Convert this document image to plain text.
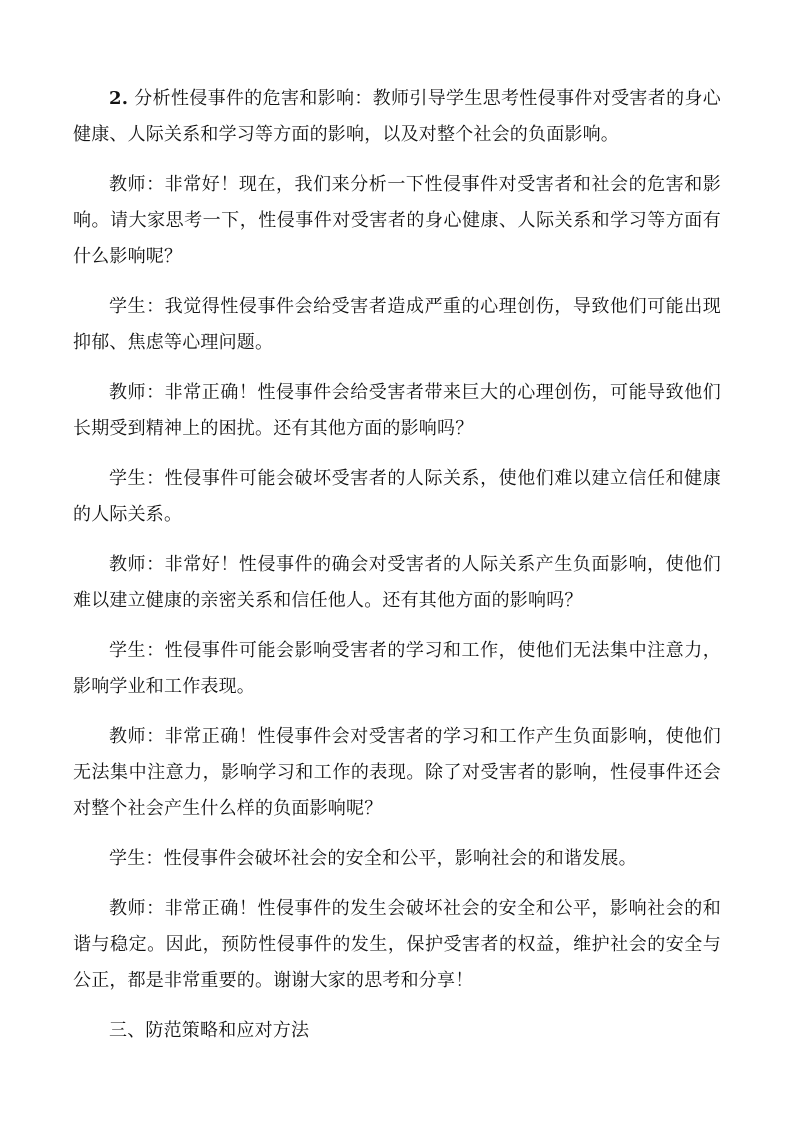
2. 分析性侵事件的危害和影响：教师引导学生思考性侵事件对受害者的身心健康、人际关系和学习等方面的影响，以及对整个社会的负面影响。

教师：非常好！现在，我们来分析一下性侵事件对受害者和社会的危害和影响。请大家思考一下，性侵事件对受害者的身心健康、人际关系和学习等方面有什么影响呢？

学生：我觉得性侵事件会给受害者造成严重的心理创伤，导致他们可能出现抑郁、焦虑等心理问题。

教师：非常正确！性侵事件会给受害者带来巨大的心理创伤，可能导致他们长期受到精神上的困扰。还有其他方面的影响吗？

学生：性侵事件可能会破坏受害者的人际关系，使他们难以建立信任和健康的人际关系。

教师：非常好！性侵事件的确会对受害者的人际关系产生负面影响，使他们难以建立健康的亲密关系和信任他人。还有其他方面的影响吗？

学生：性侵事件可能会影响受害者的学习和工作，使他们无法集中注意力，影响学业和工作表现。

教师：非常正确！性侵事件会对受害者的学习和工作产生负面影响，使他们无法集中注意力，影响学习和工作的表现。除了对受害者的影响，性侵事件还会对整个社会产生什么样的负面影响呢？

学生：性侵事件会破坏社会的安全和公平，影响社会的和谐发展。

教师：非常正确！性侵事件的发生会破坏社会的安全和公平，影响社会的和谐与稳定。因此，预防性侵事件的发生，保护受害者的权益，维护社会的安全与公正，都是非常重要的。谢谢大家的思考和分享！

三、防范策略和应对方法
